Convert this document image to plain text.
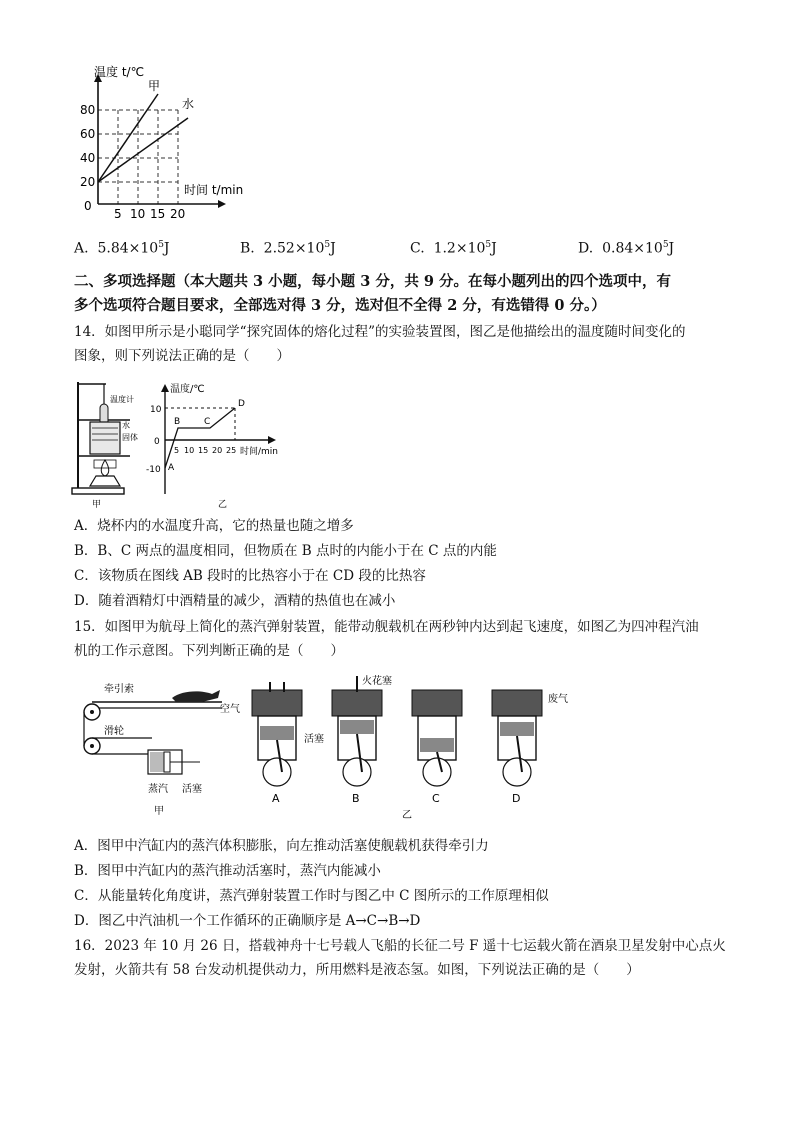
温度 t/℃
甲
水
80
60
40
20
0
5 10 15 20
时间 t/min
A. $5.84\times 10^5J$	B. $2.52\times 10^5J$	C. $1.2\times 10^5J$	D. $0.84\times 10^5J$
二、多项选择题（本大题共 3 小题，每小题 3 分，共 9 分。在每小题列出的四个选项中，有
多个选项符合题目要求，全部选对得 3 分，选对但不全得 2 分，有选错得 0 分。）
14．如图甲所示是小聪同学“探究固体的熔化过程”的实验装置图，图乙是他描绘出的温度随时间变化的
图象，则下列说法正确的是（　　）
温度计
水
固体
甲
温度/℃
10
0
-10
5 10 15 20 25 时间/min
A
B	C
D
乙
A．烧杯内的水温度升高，它的热量也随之增多
B．B、C 两点的温度相同，但物质在 B 点时的内能小于在 C 点的内能
C．该物质在图线 AB 段时的比热容小于在 CD 段的比热容
D．随着酒精灯中酒精量的减少，酒精的热值也在减小
15．如图甲为航母上简化的蒸汽弹射装置，能带动舰载机在两秒钟内达到起飞速度，如图乙为四冲程汽油
机的工作示意图。下列判断正确的是（　　）
牵引索
滑轮
蒸汽 活塞
甲
空气
活塞
火花塞
废气
A	B	C	D
乙
A．图甲中汽缸内的蒸汽体积膨胀，向左推动活塞使舰载机获得牵引力
B．图甲中汽缸内的蒸汽推动活塞时，蒸汽内能减小
C．从能量转化角度讲，蒸汽弹射装置工作时与图乙中 C 图所示的工作原理相似
D．图乙中汽油机一个工作循环的正确顺序是 A→C→B→D
16．2023 年 10 月 26 日，搭载神舟十七号载人飞船的长征二号 F 遥十七运载火箭在酒泉卫星发射中心点火
发射，火箭共有 58 台发动机提供动力，所用燃料是液态氢。如图，下列说法正确的是（　　）
